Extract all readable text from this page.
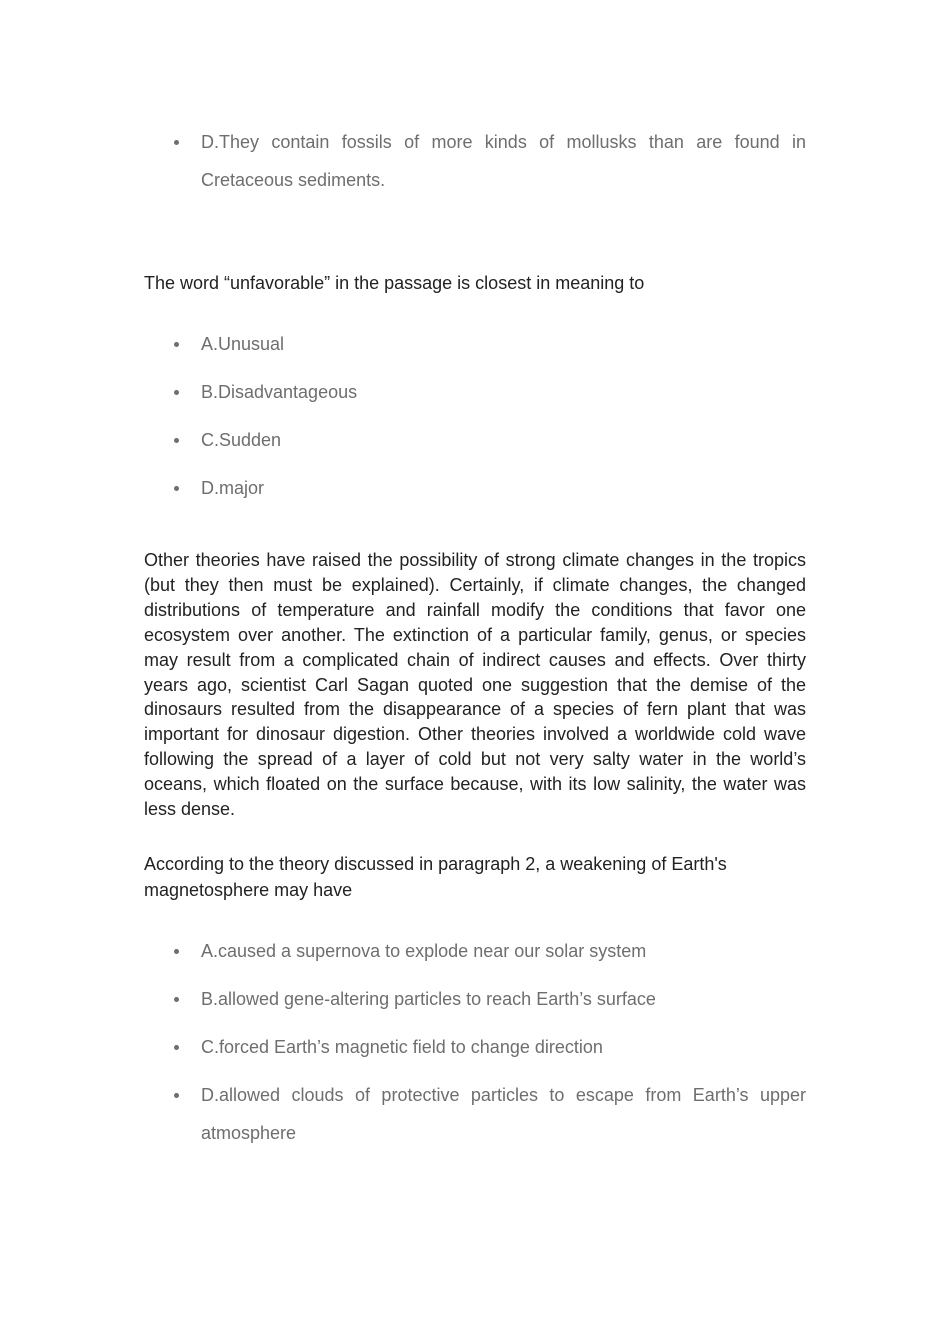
D.They contain fossils of more kinds of mollusks than are found in Cretaceous sediments.

The word “unfavorable” in the passage is closest in meaning to

A.Unusual
B.Disadvantageous
C.Sudden
D.major

Other theories have raised the possibility of strong climate changes in the tropics (but they then must be explained). Certainly, if climate changes, the changed distributions of temperature and rainfall modify the conditions that favor one ecosystem over another. The extinction of a particular family, genus, or species may result from a complicated chain of indirect causes and effects. Over thirty years ago, scientist Carl Sagan quoted one suggestion that the demise of the dinosaurs resulted from the disappearance of a species of fern plant that was important for dinosaur digestion. Other theories involved a worldwide cold wave following the spread of a layer of cold but not very salty water in the world’s oceans, which floated on the surface because, with its low salinity, the water was less dense.

According to the theory discussed in paragraph 2, a weakening of Earth's magnetosphere may have

A.caused a supernova to explode near our solar system
B.allowed gene-altering particles to reach Earth’s surface
C.forced Earth’s magnetic field to change direction
D.allowed clouds of protective particles to escape from Earth’s upper atmosphere
